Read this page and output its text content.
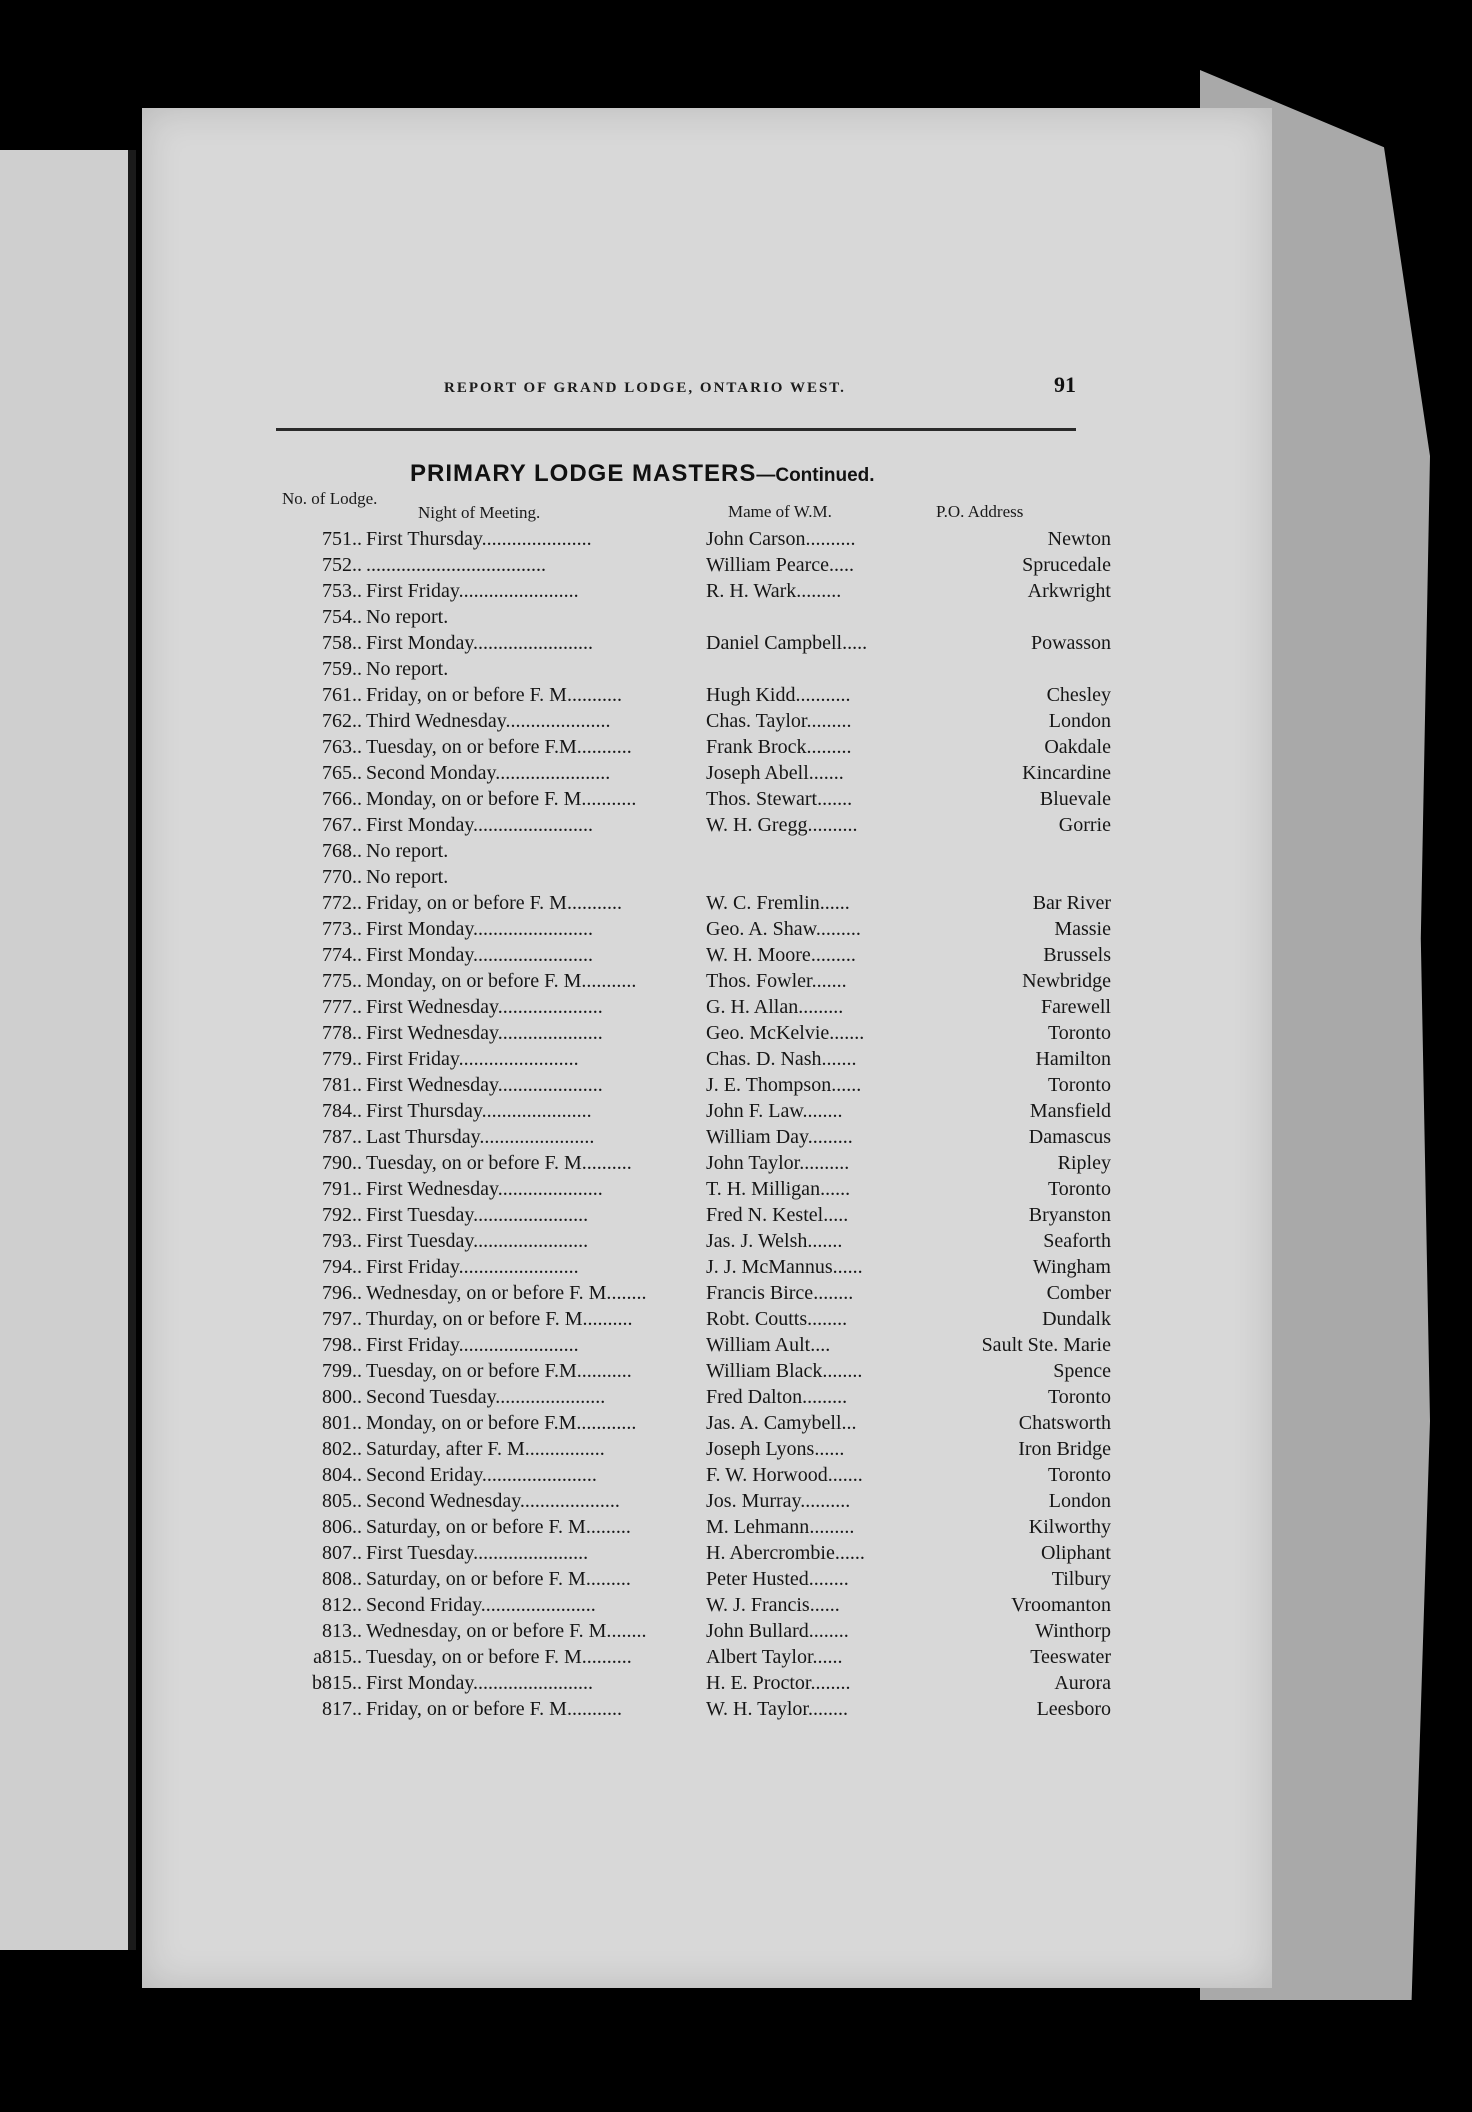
REPORT OF GRAND LODGE, ONTARIO WEST.	91
PRIMARY LODGE MASTERS—Continued.
No. of Lodge.
Night of Meeting.	Mame of W.M.	P.O. Address
751 .. First Thursday......................	John Carson..........	Newton
752 .. ....................................	William Pearce.....	Sprucedale
753 .. First Friday........................	R. H. Wark.........	Arkwright
754 .. No report.
758 .. First Monday........................	Daniel Campbell.....	Powasson
759 .. No report.
761 .. Friday, on or before F. M...........	Hugh Kidd...........	Chesley
762 .. Third Wednesday.....................	Chas. Taylor.........	London
763 .. Tuesday, on or before F.M...........	Frank Brock.........	Oakdale
765 .. Second Monday.......................	Joseph Abell.......	Kincardine
766 .. Monday, on or before F. M...........	Thos. Stewart.......	Bluevale
767 .. First Monday........................	W. H. Gregg..........	Gorrie
768 .. No report.
770 .. No report.
772 .. Friday, on or before F. M...........	W. C. Fremlin......	Bar River
773 .. First Monday........................	Geo. A. Shaw.........	Massie
774 .. First Monday........................	W. H. Moore.........	Brussels
775 .. Monday, on or before F. M...........	Thos. Fowler.......	Newbridge
777 .. First Wednesday.....................	G. H. Allan.........	Farewell
778 .. First Wednesday.....................	Geo. McKelvie.......	Toronto
779 .. First Friday........................	Chas. D. Nash.......	Hamilton
781 .. First Wednesday.....................	J. E. Thompson......	Toronto
784 .. First Thursday......................	John F. Law........	Mansfield
787 .. Last Thursday.......................	William Day.........	Damascus
790 .. Tuesday, on or before F. M..........	John Taylor..........	Ripley
791 .. First Wednesday.....................	T. H. Milligan......	Toronto
792 .. First Tuesday.......................	Fred N. Kestel.....	Bryanston
793 .. First Tuesday.......................	Jas. J. Welsh.......	Seaforth
794 .. First Friday........................	J. J. McMannus......	Wingham
796 .. Wednesday, on or before F. M........	Francis Birce........	Comber
797 .. Thurday, on or before F. M..........	Robt. Coutts........	Dundalk
798 .. First Friday........................	William Ault....	Sault Ste. Marie
799 .. Tuesday, on or before F.M...........	William Black........	Spence
800 .. Second Tuesday......................	Fred Dalton.........	Toronto
801 .. Monday, on or before F.M............	Jas. A. Camybell...	Chatsworth
802 .. Saturday, after F. M................	Joseph Lyons......	Iron Bridge
804 .. Second Eriday.......................	F. W. Horwood.......	Toronto
805 .. Second Wednesday....................	Jos. Murray..........	London
806 .. Saturday, on or before F. M.........	M. Lehmann.........	Kilworthy
807 .. First Tuesday.......................	H. Abercrombie......	Oliphant
808 .. Saturday, on or before F. M.........	Peter Husted........	Tilbury
812 .. Second Friday.......................	W. J. Francis......	Vroomanton
813 .. Wednesday, on or before F. M........	John Bullard........	Winthorp
a815 .. Tuesday, on or before F. M..........	Albert Taylor......	Teeswater
b815 .. First Monday........................	H. E. Proctor........	Aurora
817 .. Friday, on or before F. M...........	W. H. Taylor........	Leesboro
